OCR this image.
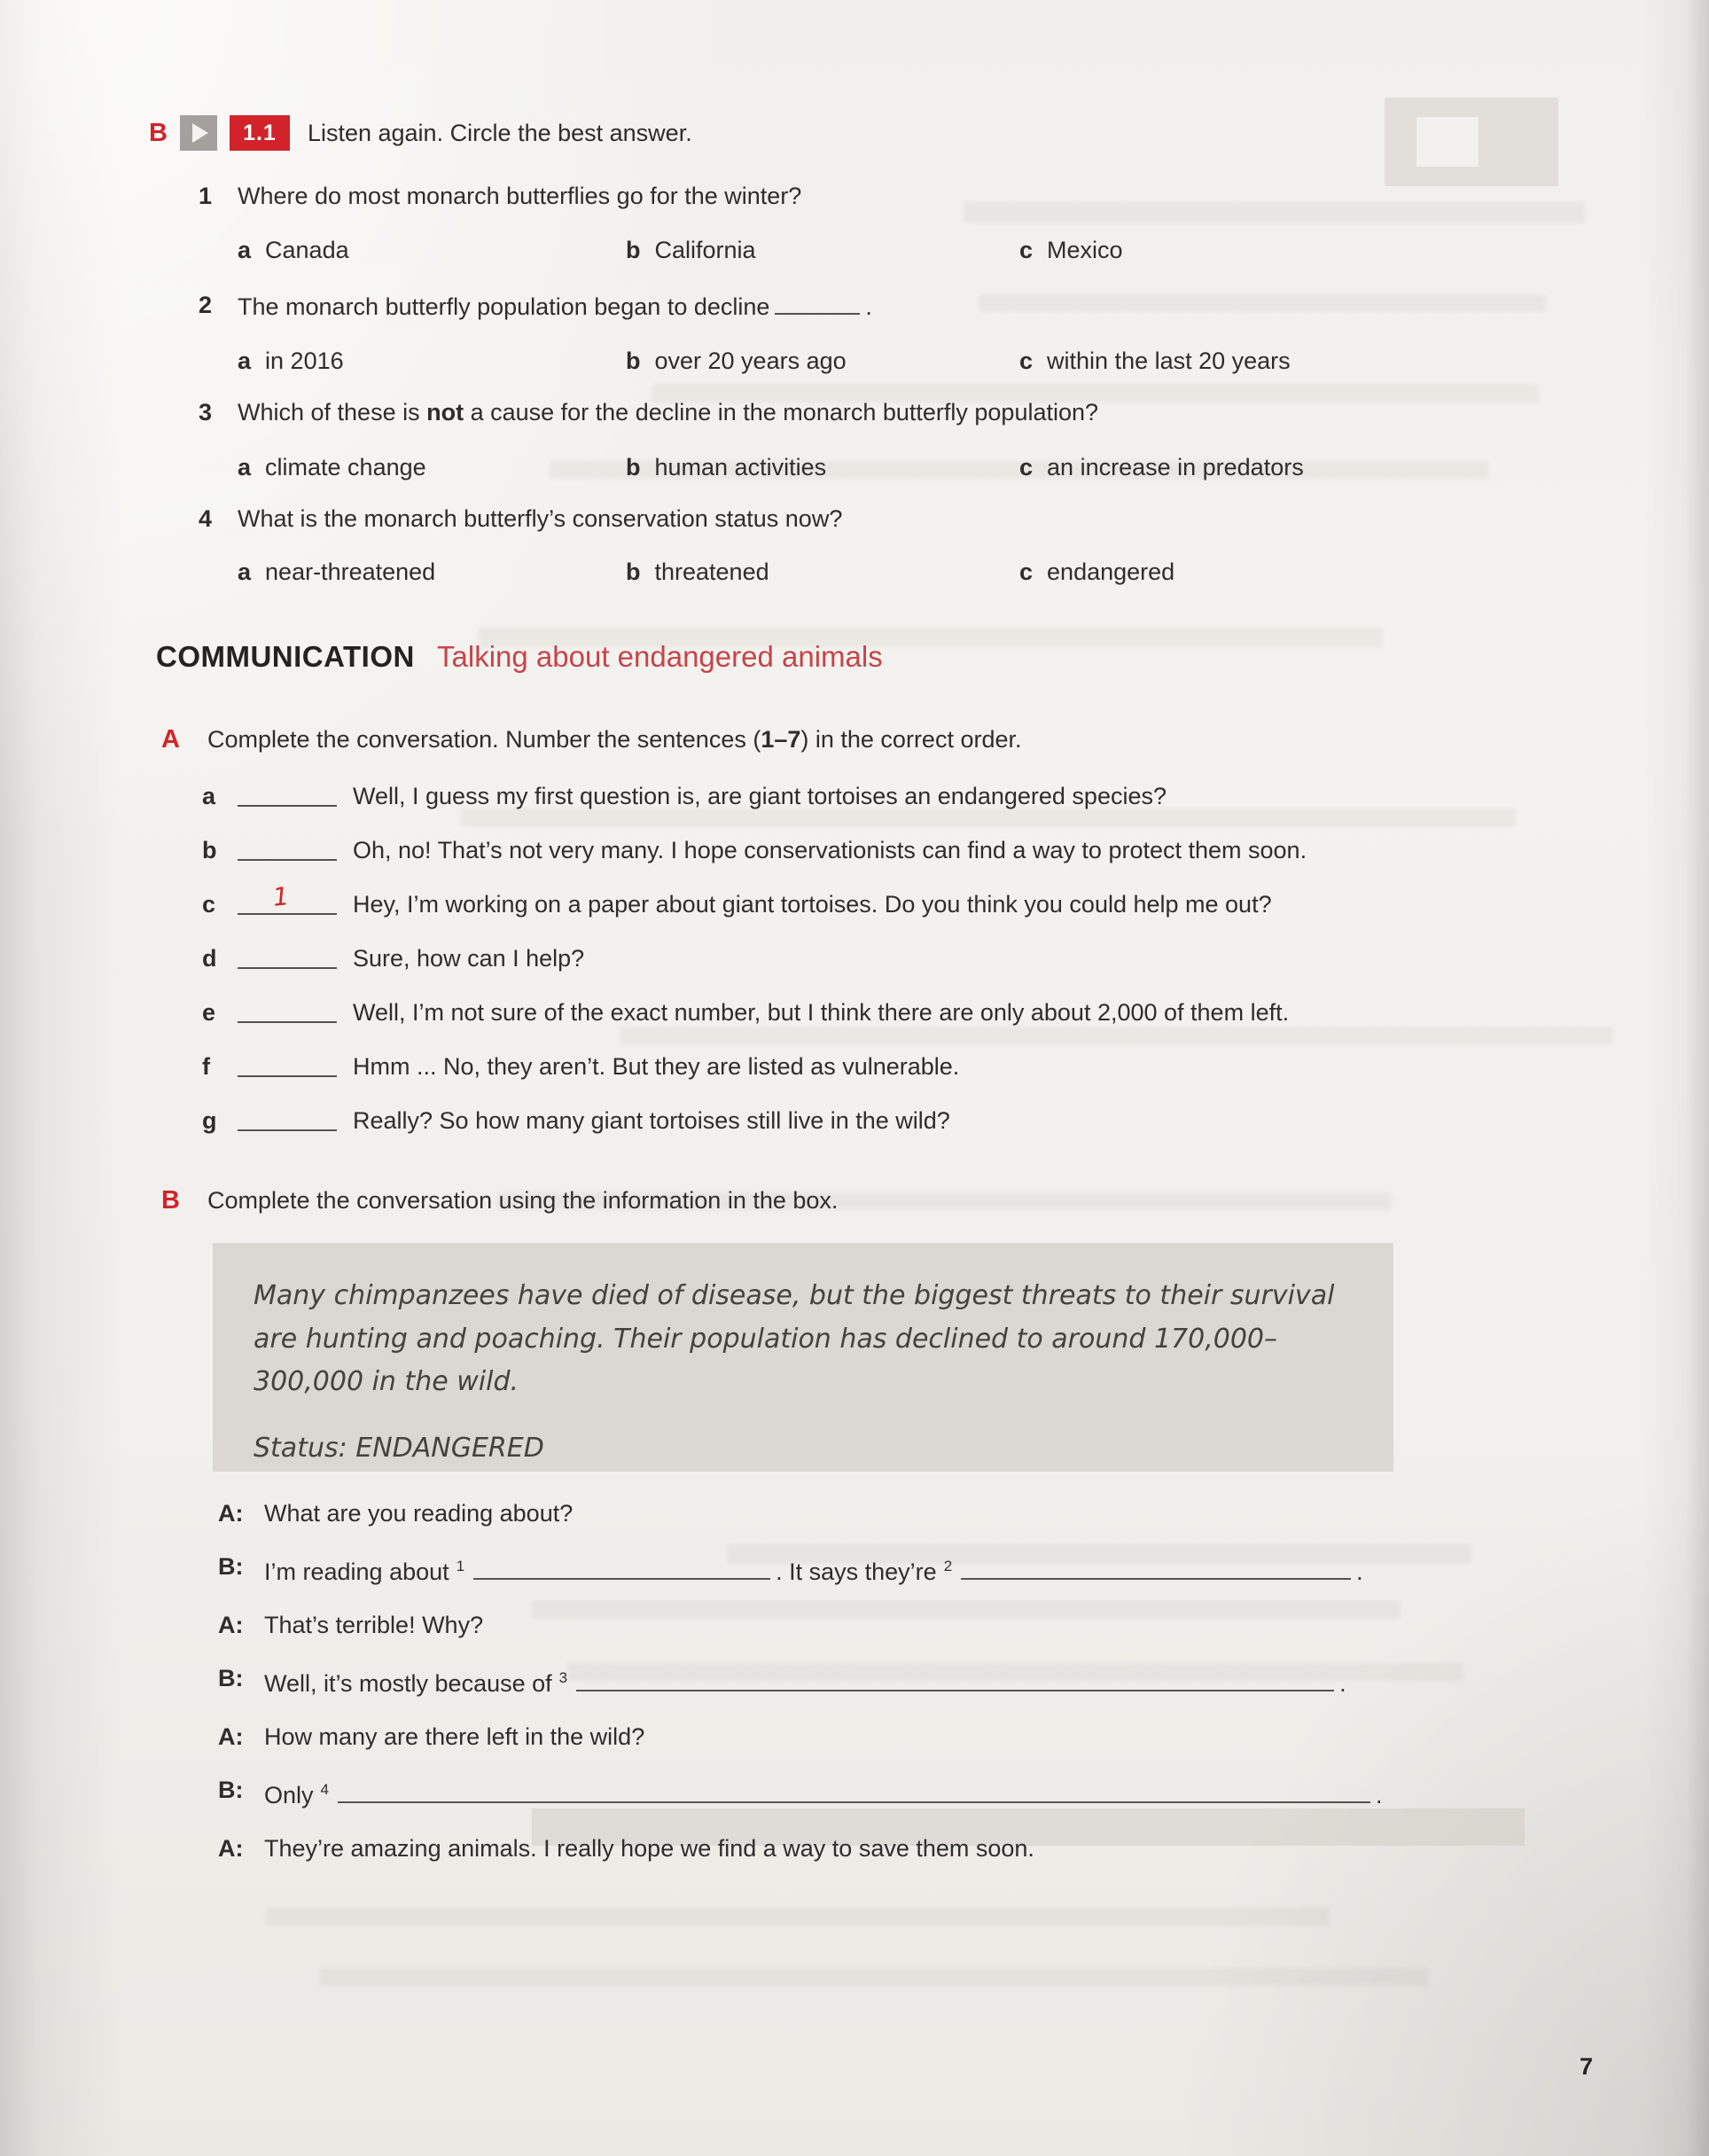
B	1.1	Listen again. Circle the best answer.
1	Where do most monarch butterflies go for the winter?
a Canada	b California	c Mexico
2	The monarch butterfly population began to decline	.
a in 2016	b over 20 years ago	c within the last 20 years
3	Which of these is not a cause for the decline in the monarch butterfly population?
a climate change	b human activities	c an increase in predators
4	What is the monarch butterfly’s conservation status now?
a near-threatened	b threatened	c endangered
COMMUNICATION Talking about endangered animals
A	Complete the conversation. Number the sentences (1–7) in the correct order.
a	Well, I guess my first question is, are giant tortoises an endangered species?
b	Oh, no! That’s not very many. I hope conservationists can find a way to protect them soon.
c	1	Hey, I’m working on a paper about giant tortoises. Do you think you could help me out?
d	Sure, how can I help?
e	Well, I’m not sure of the exact number, but I think there are only about 2,000 of them left.
f	Hmm ... No, they aren’t. But they are listed as vulnerable.
g	Really? So how many giant tortoises still live in the wild?
B	Complete the conversation using the information in the box.
Many chimpanzees have died of disease, but the biggest threats to their survival are hunting and poaching. Their population has declined to around 170,000–300,000 in the wild.
Status: ENDANGERED
A: What are you reading about?
B: I’m reading about $^1$	. It says they’re $^2$	.
A: That’s terrible! Why?
B: Well, it’s mostly because of $^3$	.
A: How many are there left in the wild?
B: Only $^4$	.
A: They’re amazing animals. I really hope we find a way to save them soon.
7
